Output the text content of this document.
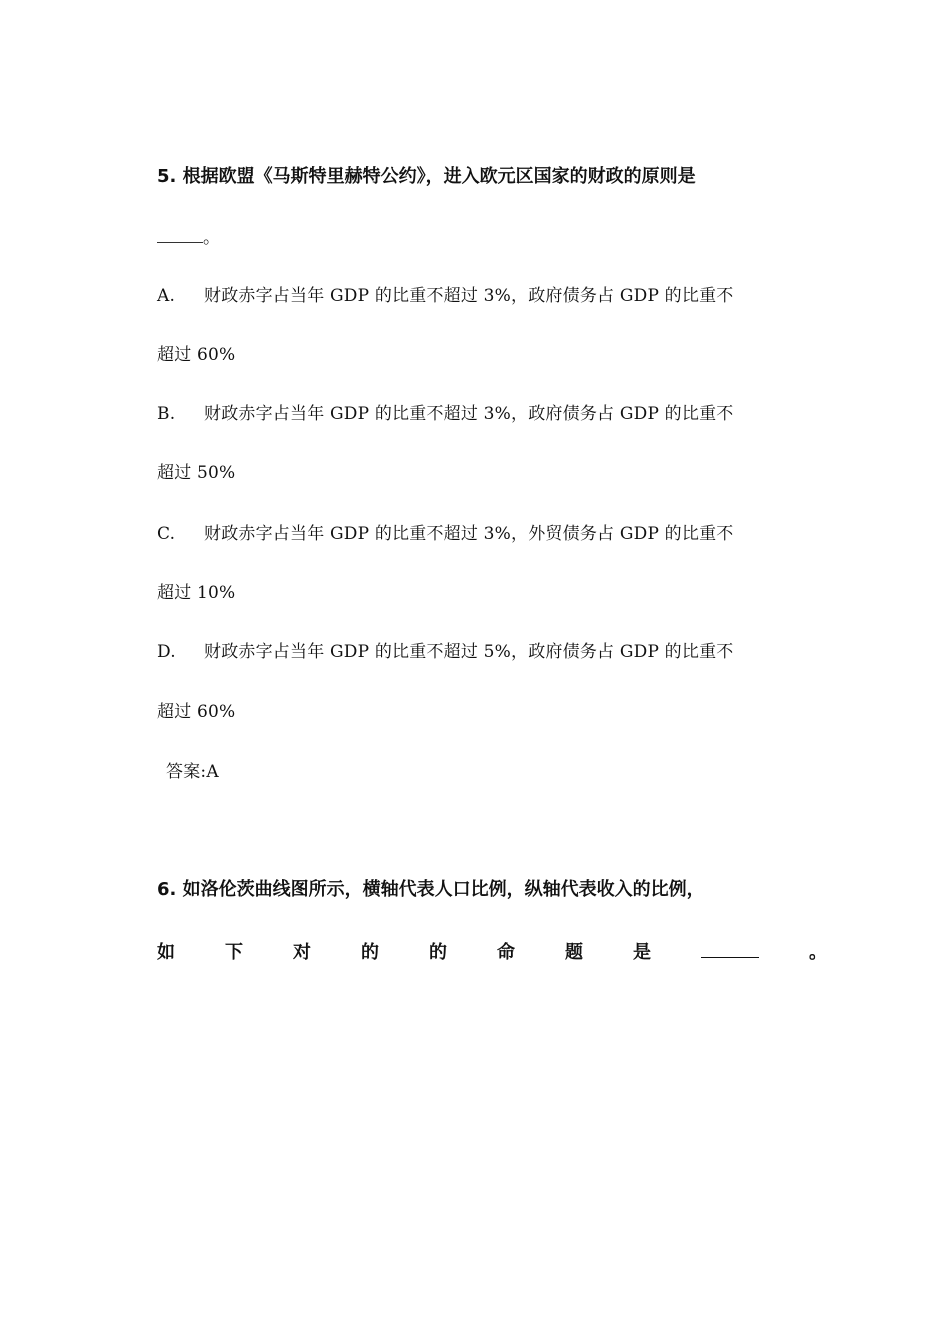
5. 根据欧盟《马斯特里赫特公约》，进入欧元区国家的财政的原则是
。
A. 财政赤字占当年 GDP 的比重不超过 3%，政府债务占 GDP 的比重不
超过 60%
B. 财政赤字占当年 GDP 的比重不超过 3%，政府债务占 GDP 的比重不
超过 50%
C. 财政赤字占当年 GDP 的比重不超过 3%，外贸债务占 GDP 的比重不
超过 10%
D. 财政赤字占当年 GDP 的比重不超过 5%，政府债务占 GDP 的比重不
超过 60%
答案:A
6. 如洛伦茨曲线图所示，横轴代表人口比例，纵轴代表收入的比例，
如	下	对	的	的	命	题	是	。
